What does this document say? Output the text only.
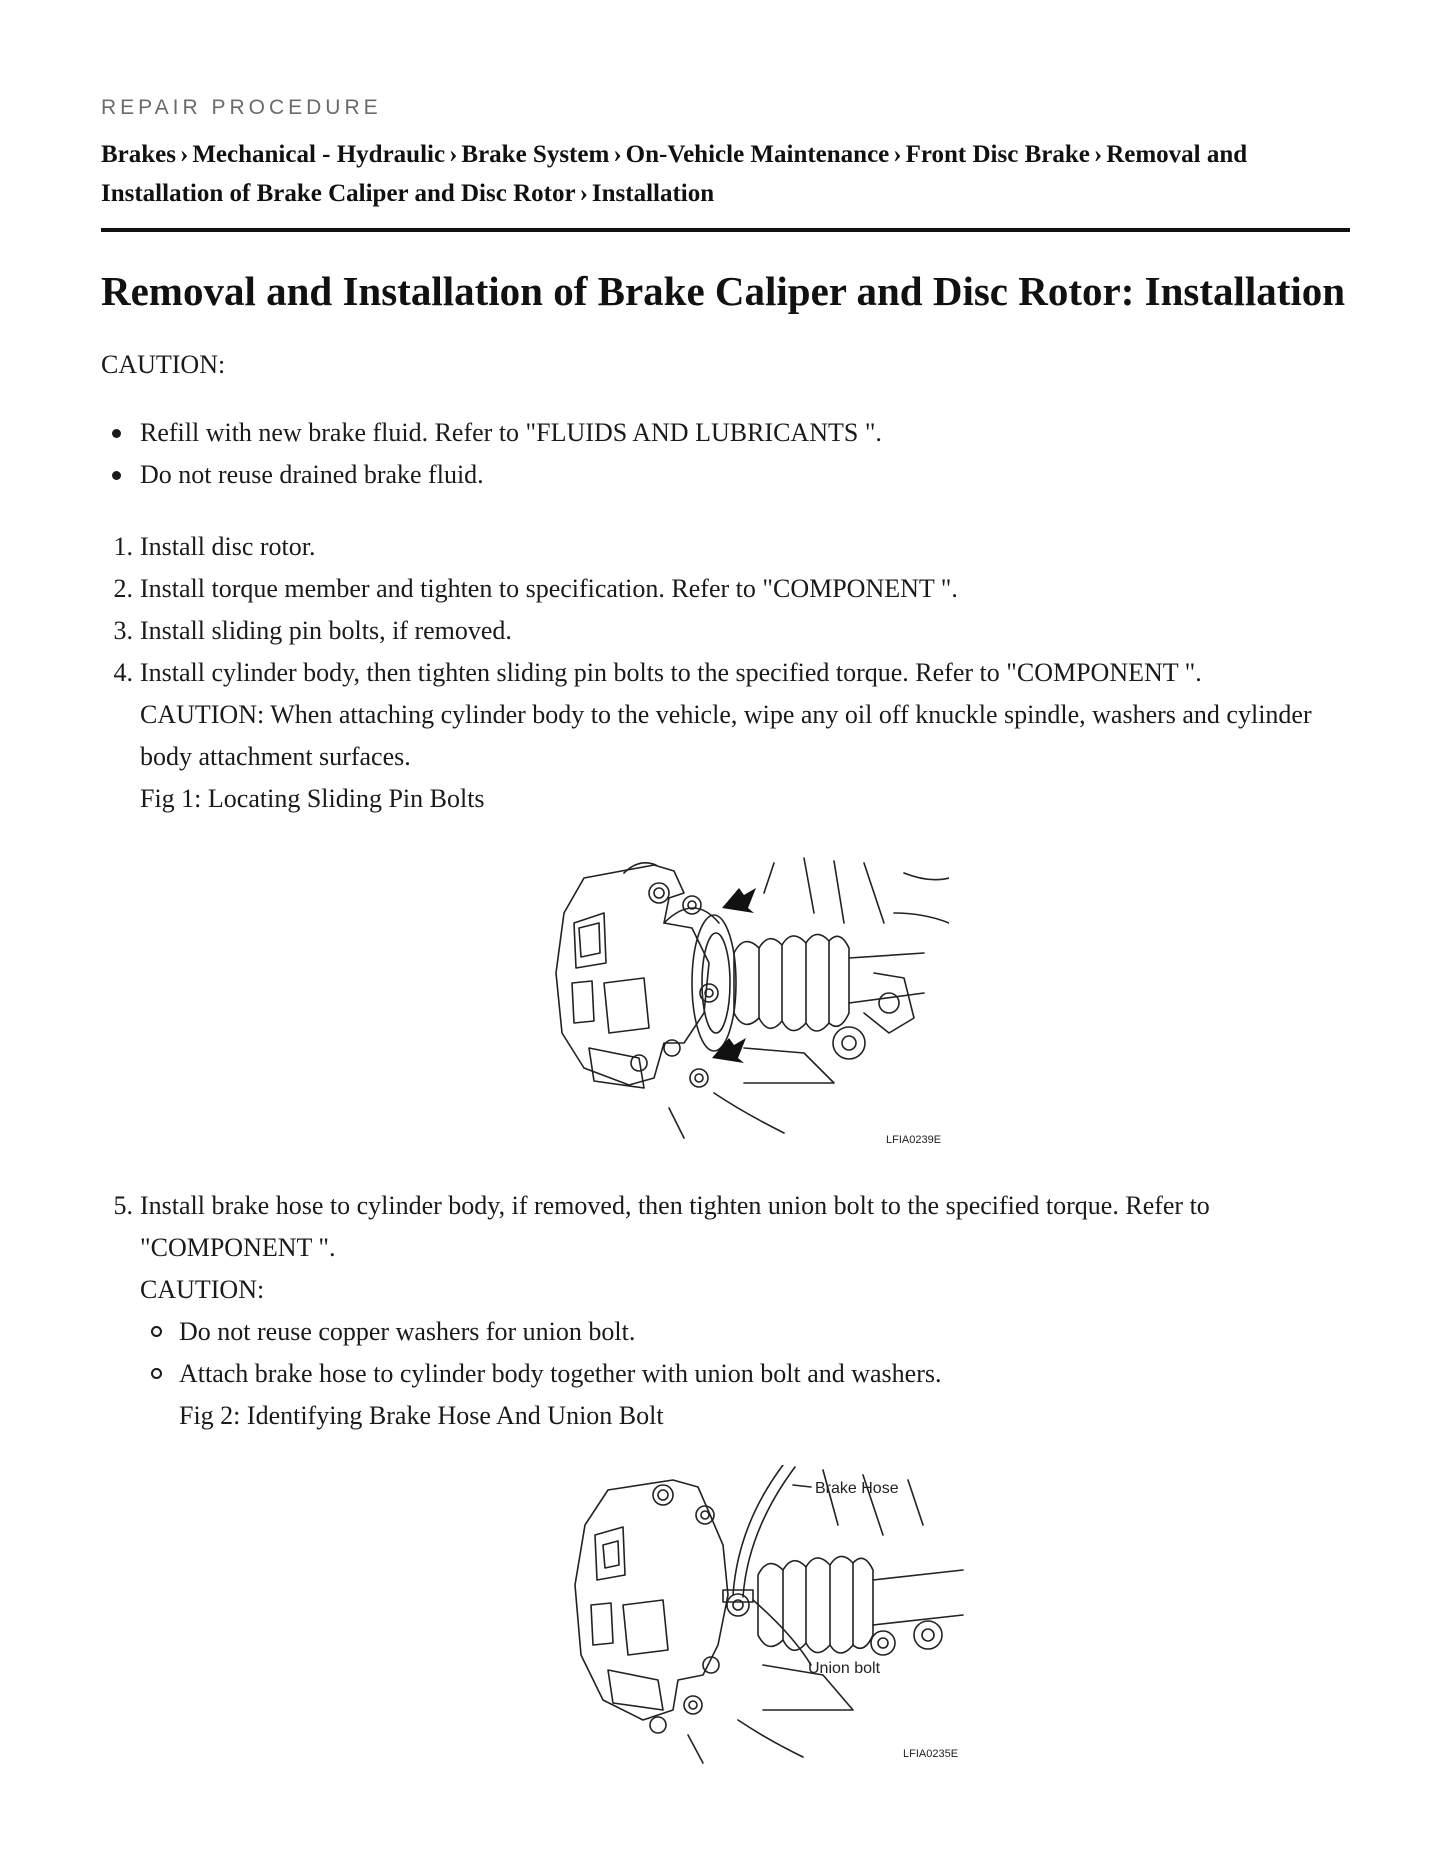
REPAIR PROCEDURE
Brakes › Mechanical - Hydraulic › Brake System › On-Vehicle Maintenance › Front Disc Brake › Removal and Installation of Brake Caliper and Disc Rotor › Installation
Removal and Installation of Brake Caliper and Disc Rotor: Installation
CAUTION:
Refill with new brake fluid. Refer to "FLUIDS AND LUBRICANTS ".
Do not reuse drained brake fluid.
1. Install disc rotor.
2. Install torque member and tighten to specification. Refer to "COMPONENT ".
3. Install sliding pin bolts, if removed.
4. Install cylinder body, then tighten sliding pin bolts to the specified torque. Refer to "COMPONENT ".
CAUTION: When attaching cylinder body to the vehicle, wipe any oil off knuckle spindle, washers and cylinder body attachment surfaces.
Fig 1: Locating Sliding Pin Bolts
LFIA0239E
5. Install brake hose to cylinder body, if removed, then tighten union bolt to the specified torque. Refer to "COMPONENT ".
CAUTION:
Do not reuse copper washers for union bolt.
Attach brake hose to cylinder body together with union bolt and washers.
Fig 2: Identifying Brake Hose And Union Bolt
Brake Hose
Union bolt
LFIA0235E
